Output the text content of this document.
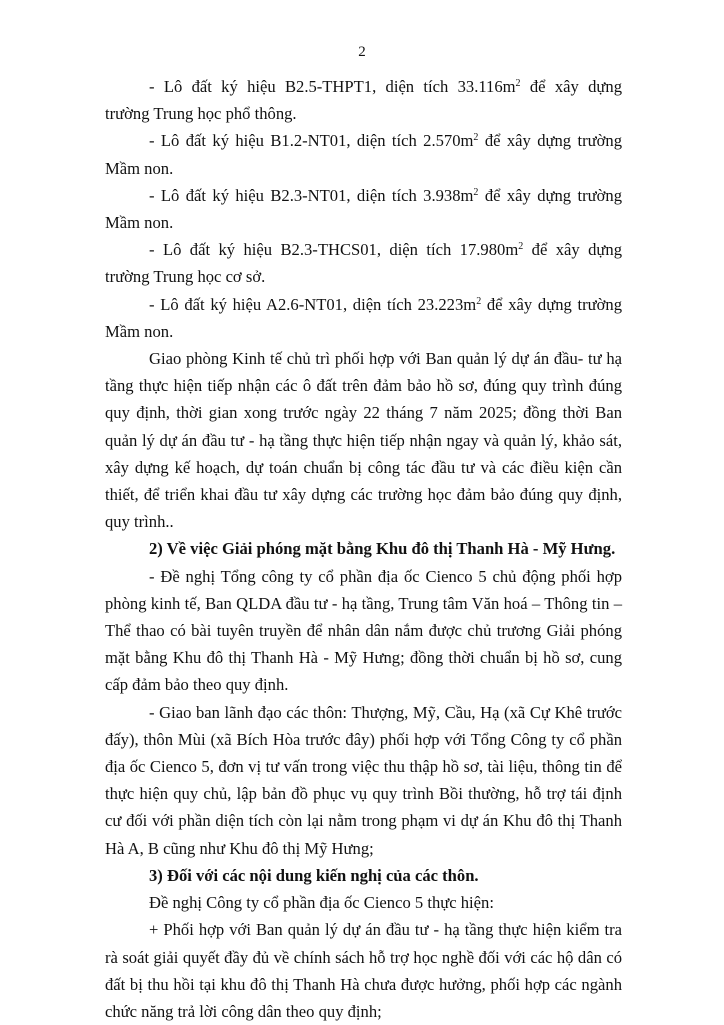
2

- Lô đất ký hiệu B2.5-THPT1, diện tích $33.116m^2$ để xây dựng

trường Trung học phổ thông.

- Lô đất ký hiệu B1.2-NT01, diện tích $2.570m^2$ để xây dựng trường

Mầm non.

- Lô đất ký hiệu B2.3-NT01, diện tích $3.938m^2$ để xây dựng trường

Mầm non.

- Lô đất ký hiệu B2.3-THCS01, diện tích $17.980m^2$ để xây dựng

trường Trung học cơ sở.

- Lô đất ký hiệu A2.6-NT01, diện tích $23.223m^2$ để xây dựng trường

Mầm non.

Giao phòng Kinh tế chủ trì phối hợp với Ban quản lý dự án đầu- tư hạ tầng thực hiện tiếp nhận các ô đất trên đảm bảo hồ sơ, đúng quy trình đúng quy định, thời gian xong trước ngày 22 tháng 7 năm 2025; đồng thời Ban quản lý dự án đầu tư - hạ tầng thực hiện tiếp nhận ngay và quản lý, khảo sát, xây dựng kế hoạch, dự toán chuẩn bị công tác đầu tư và các điều kiện cần thiết, để triển khai đầu tư xây dựng các trường học đảm bảo đúng quy định, quy trình..

2) Về việc Giải phóng mặt bằng Khu đô thị Thanh Hà - Mỹ Hưng.

- Đề nghị Tổng công ty cổ phần địa ốc Cienco 5 chủ động phối hợp phòng kinh tế, Ban QLDA đầu tư - hạ tầng, Trung tâm Văn hoá – Thông tin – Thể thao có bài tuyên truyền để nhân dân nắm được chủ trương Giải phóng mặt bằng Khu đô thị Thanh Hà - Mỹ Hưng; đồng thời chuẩn bị hồ sơ, cung cấp đảm bảo theo quy định.

- Giao ban lãnh đạo các thôn: Thượng, Mỹ, Cầu, Hạ (xã Cự Khê trước đấy), thôn Mùi (xã Bích Hòa trước đây) phối hợp với Tổng Công ty cổ phần địa ốc Cienco 5, đơn vị tư vấn trong việc thu thập hồ sơ, tài liệu, thông tin để thực hiện quy chủ, lập bản đồ phục vụ quy trình Bồi thường, hỗ trợ tái định cư đối với phần diện tích còn lại nằm trong phạm vi dự án Khu đô thị Thanh Hà A, B cũng như Khu đô thị Mỹ Hưng;

3) Đối với các nội dung kiến nghị của các thôn.

Đề nghị Công ty cổ phần địa ốc Cienco 5 thực hiện:

+ Phối hợp với Ban quản lý dự án đầu tư - hạ tầng thực hiện kiểm tra rà soát giải quyết đầy đủ về chính sách hỗ trợ học nghề đối với các hộ dân có đất bị thu hồi tại khu đô thị Thanh Hà chưa được hưởng, phối hợp các ngành chức năng trả lời công dân theo quy định;
